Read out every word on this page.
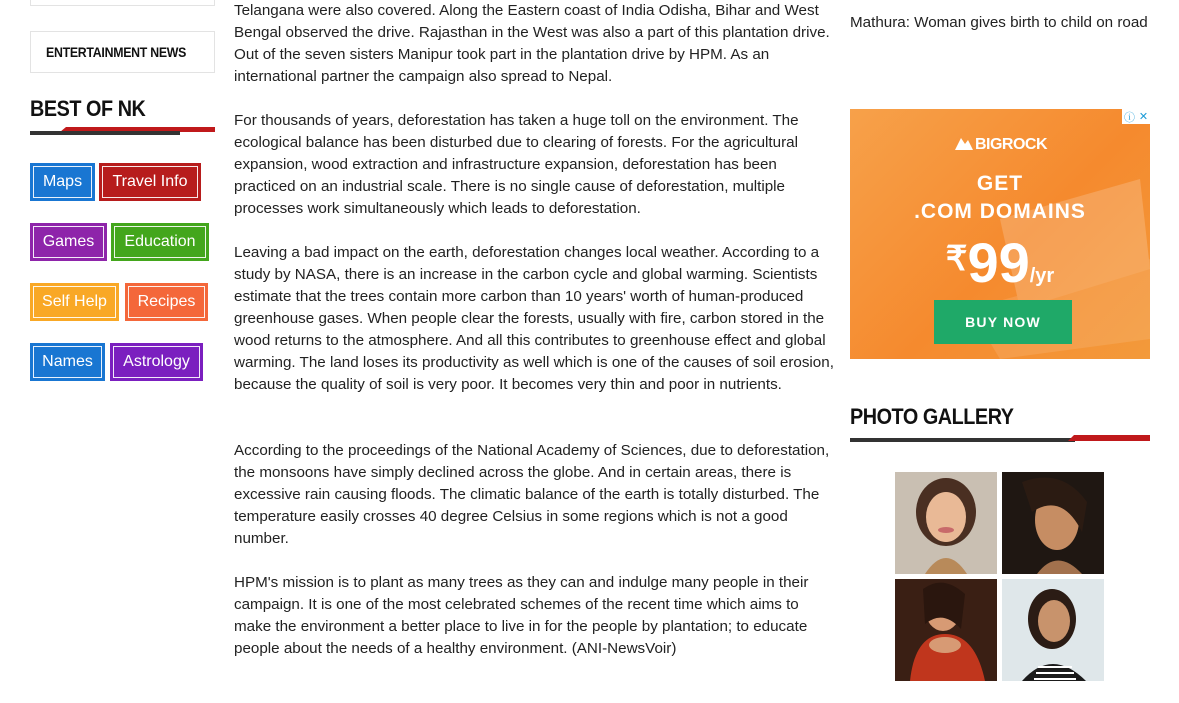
ENTERTAINMENT NEWS
BEST OF NK
Maps	Travel Info
Games	Education
Self Help	Recipes
Names	Astrology

Telangana were also covered. Along the Eastern coast of India Odisha, Bihar and West Bengal observed the drive. Rajasthan in the West was also a part of this plantation drive. Out of the seven sisters Manipur took part in the plantation drive by HPM. As an international partner the campaign also spread to Nepal.

For thousands of years, deforestation has taken a huge toll on the environment. The ecological balance has been disturbed due to clearing of forests. For the agricultural expansion, wood extraction and infrastructure expansion, deforestation has been practiced on an industrial scale. There is no single cause of deforestation, multiple processes work simultaneously which leads to deforestation.

Leaving a bad impact on the earth, deforestation changes local weather. According to a study by NASA, there is an increase in the carbon cycle and global warming. Scientists estimate that the trees contain more carbon than 10 years' worth of human-produced greenhouse gases. When people clear the forests, usually with fire, carbon stored in the wood returns to the atmosphere. And all this contributes to greenhouse effect and global warming. The land loses its productivity as well which is one of the causes of soil erosion, because the quality of soil is very poor. It becomes very thin and poor in nutrients.

According to the proceedings of the National Academy of Sciences, due to deforestation, the monsoons have simply declined across the globe. And in certain areas, there is excessive rain causing floods. The climatic balance of the earth is totally disturbed. The temperature easily crosses 40 degree Celsius in some regions which is not a good number.

HPM's mission is to plant as many trees as they can and indulge many people in their campaign. It is one of the most celebrated schemes of the recent time which aims to make the environment a better place to live in for the people by plantation; to educate people about the needs of a healthy environment. (ANI-NewsVoir)

Mathura: Woman gives birth to child on road
ⓘ ✕
BIGROCK
GET
.COM DOMAINS
₹99/yr
BUY NOW
PHOTO GALLERY
